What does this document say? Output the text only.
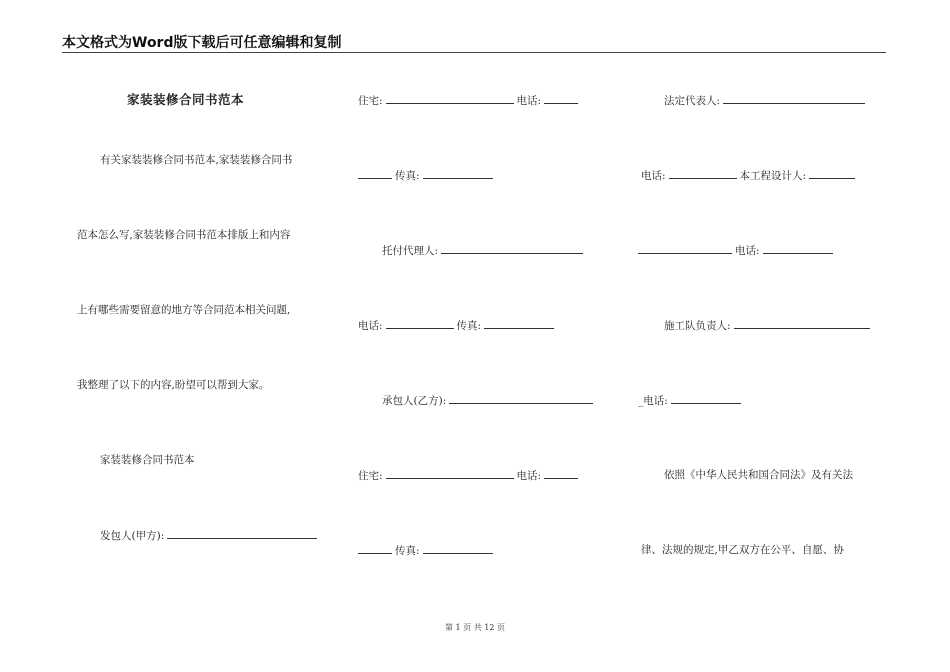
本文格式为Word版下载后可任意编辑和复制
家装装修合同书范本
有关家装装修合同书范本,家装装修合同书
范本怎么写,家装装修合同书范本排版上和内容
上有哪些需要留意的地方等合同范本相关问题,
我整理了以下的内容,盼望可以帮到大家。
家装装修合同书范本
发包人(甲方):
住宅:	电话:
传真:
托付代理人:
电话:	传真:
承包人(乙方):
住宅:	电话:
传真:
法定代表人:
电话:	本工程设计人:
电话:
施工队负责人:
_电话:
依照《中华人民共和国合同法》及有关法
律、法规的规定,甲乙双方在公平、自愿、协
第 1 页 共 12 页
